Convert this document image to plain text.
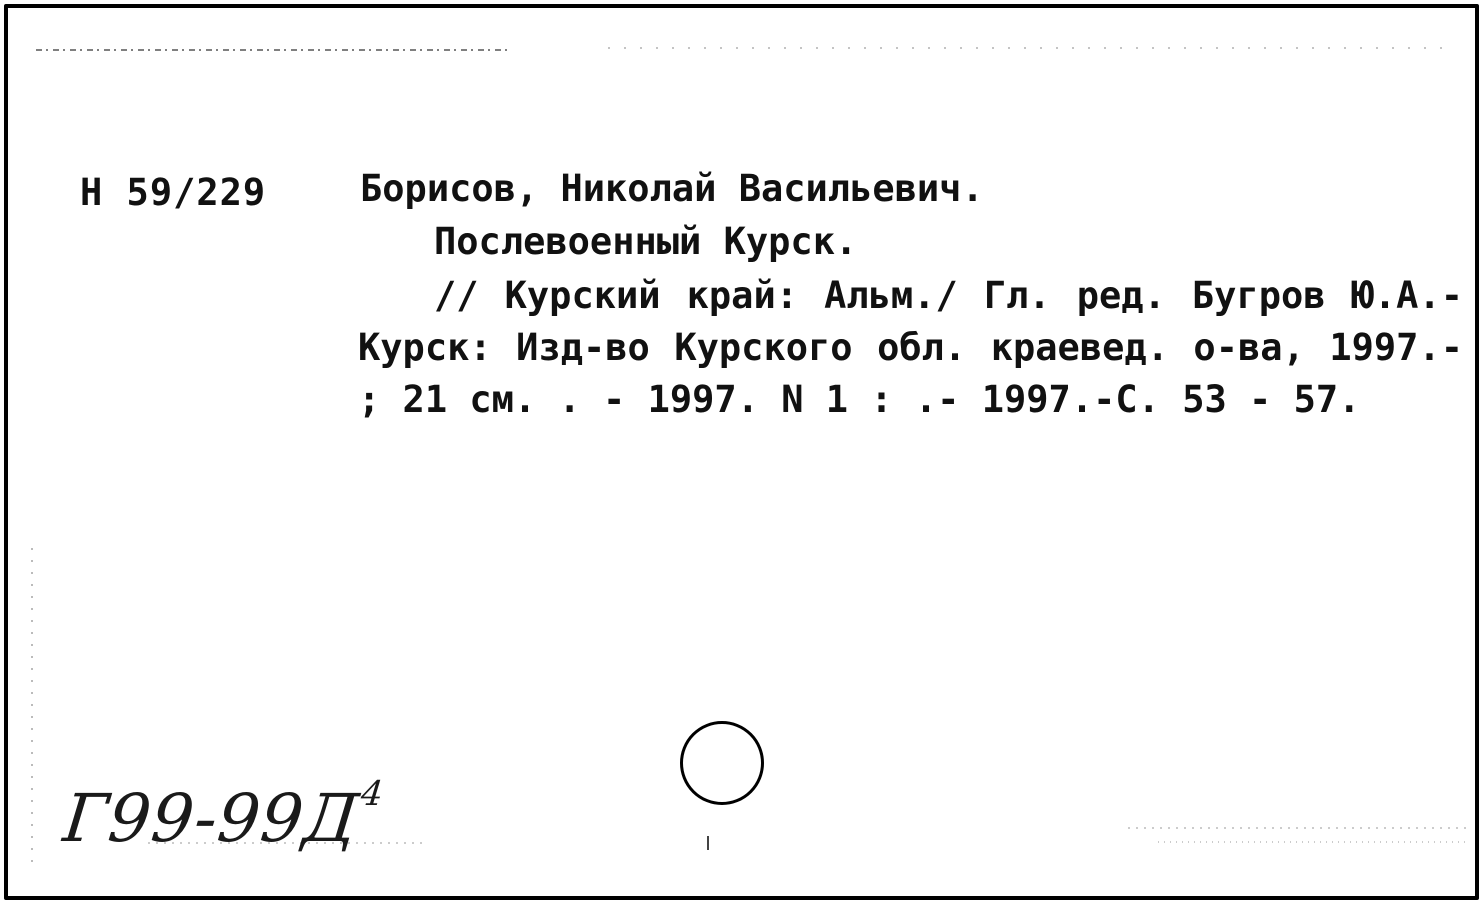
Н 59/229	Борисов, Николай Васильевич.
Послевоенный Курск.
// Курский край: Альм./ Гл. ред. Бугров Ю.А.- Курск: Изд-во Курского обл. краевед. о-ва, 1997.- ; 21 см. . - 1997. N 1 : .- 1997.-С. 53 - 57.
$Г99-99Д^4$
